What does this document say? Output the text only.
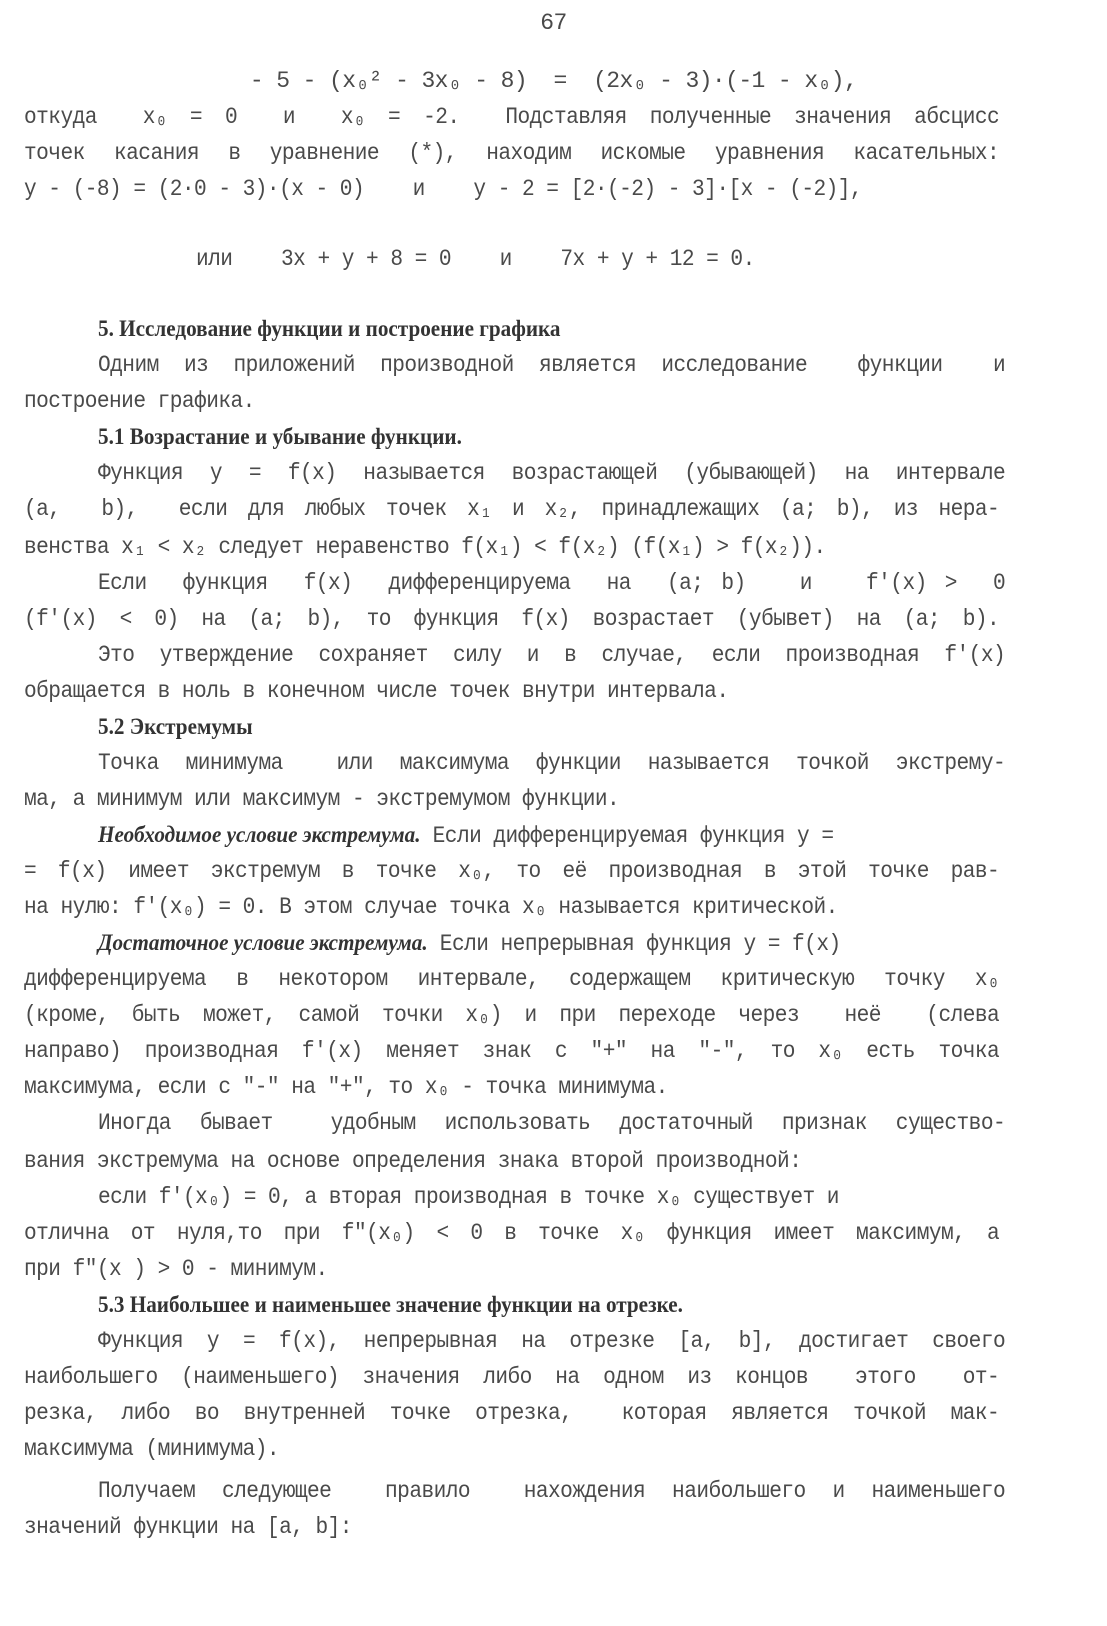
67
- 5 - (x₀² - 3x₀ - 8)  =  (2x₀ - 3)·(-1 - x₀),
откуда  x₀ = 0  и  x₀ = -2.  Подставляя полученные значения абсцисс
точек касания в уравнение (*), находим искомые уравнения касательных:
y - (-8) = (2·0 - 3)·(x - 0)    и    y - 2 = [2·(-2) - 3]·[x - (-2)],
или    3x + y + 8 = 0    и    7x + y + 12 = 0.
5. Исследование функции и построение графика
Одним из приложений производной является исследование  функции  и
построение графика.
5.1 Возрастание и убывание функции.
Функция y = f(x) называется возрастающей (убывающей) на интервале
(a,  b),  если для любых точек x₁ и x₂, принадлежащих (a; b), из нера-
венства x₁ < x₂ следует неравенство f(x₁) < f(x₂) (f(x₁) > f(x₂)).
Если  функция  f(x)  дифференцируема  на  (a; b)   и   f′(x) >  0
(f′(x) < 0) на (a; b), то функция f(x) возрастает (убывет) на (a; b).
Это утверждение сохраняет силу и в случае, если производная f′(x)
обращается в ноль в конечном числе точек внутри интервала.
5.2 Экстремумы
Точка минимума  или максимума функции называется точкой экстрему-
ма, а минимум или максимум - экстремумом функции.
Необходимое условие экстремума. Если дифференцируемая функция y =
= f(x) имеет экстремум в точке x₀, то её производная в этой точке рав-
на нулю: f′(x₀) = 0. В этом случае точка x₀ называется критической.
Достаточное условие экстремума. Если непрерывная функция y = f(x)
дифференцируема в некотором интервале, содержащем критическую точку x₀
(кроме, быть может, самой точки x₀) и при переходе через  неё  (слева
направо) производная f′(x) меняет знак с "+" на "-", то x₀ есть точка
максимума, если с "-" на "+", то x₀ - точка минимума.
Иногда бывает  удобным использовать достаточный признак существо-
вания экстремума на основе определения знака второй производной:
если f′(x₀) = 0, а вторая производная в точке x₀ существует и
отлична от нуля,то при f″(x₀) < 0 в точке x₀ функция имеет максимум, а
при f″(x ) > 0 - минимум.
5.3 Наибольшее и наименьшее значение функции на отрезке.
Функция y = f(x), непрерывная на отрезке [a, b], достигает своего
наибольшего (наименьшего) значения либо на одном из концов  этого  от-
резка, либо во внутренней точке отрезка,  которая является точкой мак-
максимума (минимума).
Получаем следующее  правило  нахождения наибольшего и наименьшего
значений функции на [a, b]:
